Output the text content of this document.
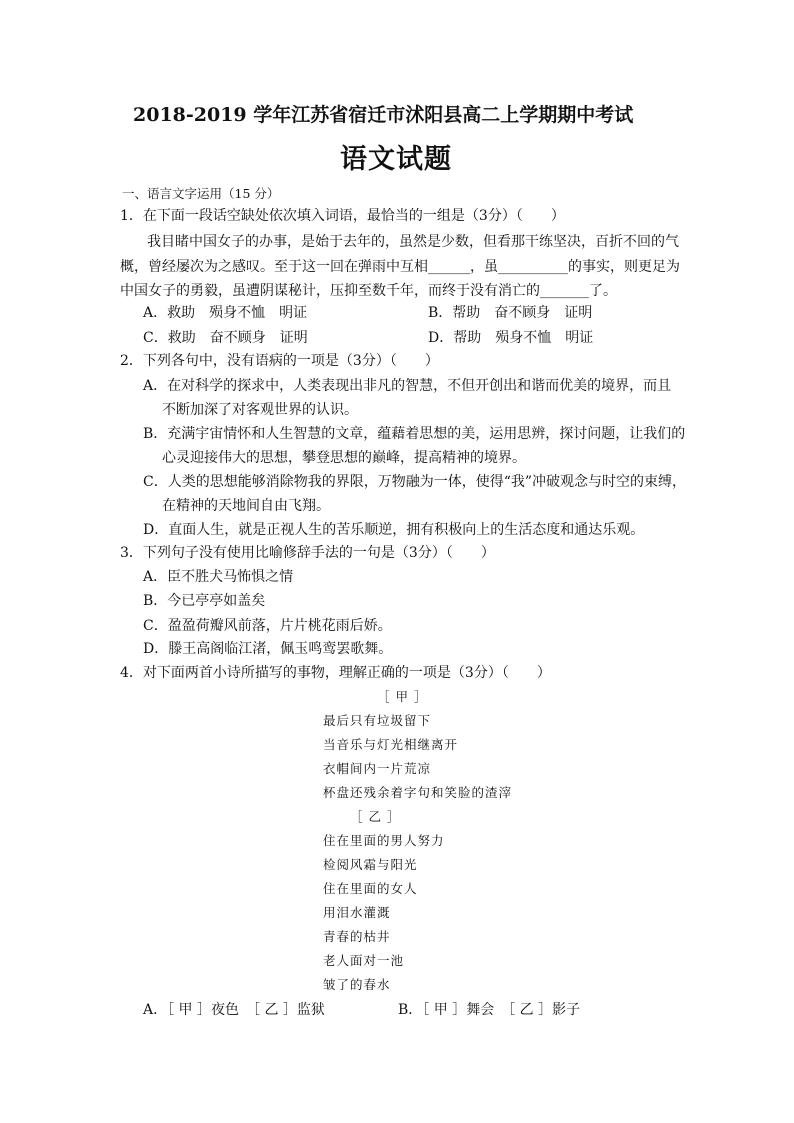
2018-2019 学年江苏省宿迁市沭阳县高二上学期期中考试
语文试题
一、语言文字运用（15 分）
1．在下面一段话空缺处依次填入词语，最恰当的一组是（3分）（　　）
我目睹中国女子的办事，是始于去年的，虽然是少数，但看那干练坚决，百折不回的气
概，曾经屡次为之感叹。至于这一回在弹雨中互相______，虽__________的事实，则更足为
中国女子的勇毅，虽遭阴谋秘计，压抑至数千年，而终于没有消亡的_______了。
A．救助　殒身不恤　明证	B．帮助　奋不顾身　证明
C．救助　奋不顾身　证明	D．帮助　殒身不恤　明证
2．下列各句中，没有语病的一项是（3分）（　　）
A．在对科学的探求中，人类表现出非凡的智慧，不但开创出和谐而优美的境界，而且
不断加深了对客观世界的认识。
B．充满宇宙情怀和人生智慧的文章，蕴藉着思想的美，运用思辨，探讨问题，让我们的
心灵迎接伟大的思想，攀登思想的巅峰，提高精神的境界。
C．人类的思想能够消除物我的界限，万物融为一体，使得“我”冲破观念与时空的束缚，
在精神的天地间自由飞翔。
D．直面人生，就是正视人生的苦乐顺逆，拥有积极向上的生活态度和通达乐观。
3．下列句子没有使用比喻修辞手法的一句是（3分）（　　）
A．臣不胜犬马怖惧之情
B．今已亭亭如盖矣
C．盈盈荷瓣风前落，片片桃花雨后娇。
D．滕王高阁临江渚，佩玉鸣鸾罢歌舞。
4．对下面两首小诗所描写的事物，理解正确的一项是（3分）（　　）
［ 甲 ］
最后只有垃圾留下
当音乐与灯光相继离开
衣帽间内一片荒凉
杯盘还残余着字句和笑脸的渣滓
［ 乙 ］
住在里面的男人努力
检阅风霜与阳光
住在里面的女人
用泪水灌溉
青春的枯井
老人面对一池
皱了的春水
A．［ 甲 ］夜色　［ 乙 ］监狱	B．［ 甲 ］舞会　［ 乙 ］影子
